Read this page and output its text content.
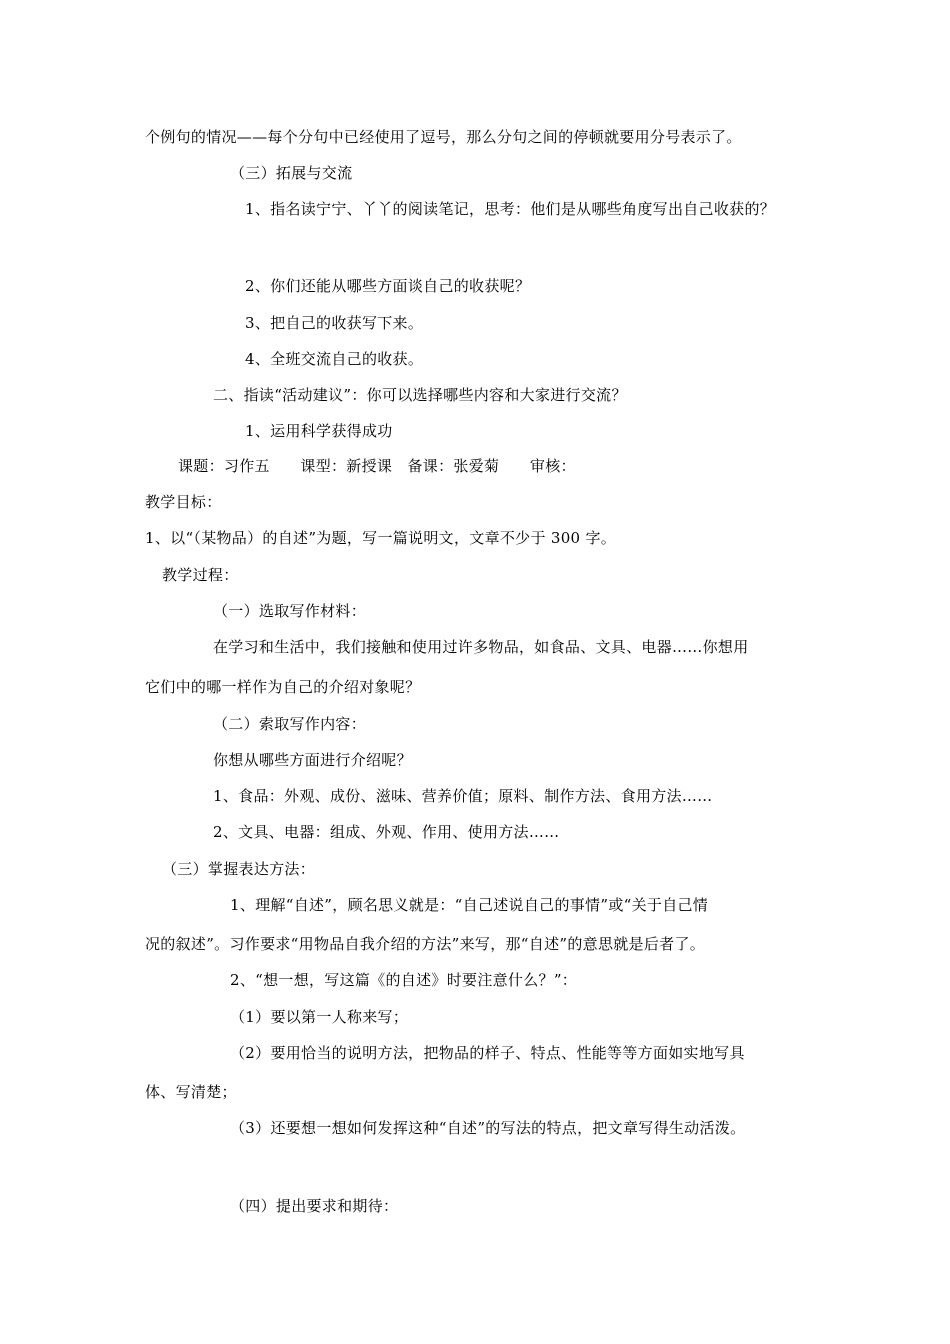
个例句的情况——每个分句中已经使用了逗号，那么分句之间的停顿就要用分号表示了。
（三）拓展与交流
1、指名读宁宁、丫丫的阅读笔记，思考：他们是从哪些角度写出自己收获的？
2、你们还能从哪些方面谈自己的收获呢？
3、把自己的收获写下来。
4、全班交流自己的收获。
二、指读“活动建议”：你可以选择哪些内容和大家进行交流？
1、运用科学获得成功
课题：习作五　　课型：新授课　备课：张爱菊　　审核：
教学目标：
1、以“（某物品）的自述”为题，写一篇说明文，文章不少于 300 字。
教学过程：
（一）选取写作材料：
在学习和生活中，我们接触和使用过许多物品，如食品、文具、电器……你想用
它们中的哪一样作为自己的介绍对象呢？
（二）索取写作内容：
你想从哪些方面进行介绍呢？
1、食品：外观、成份、滋味、营养价值；原料、制作方法、食用方法……
2、文具、电器：组成、外观、作用、使用方法……
（三）掌握表达方法：
1、理解“自述”，顾名思义就是：“自己述说自己的事情”或“关于自己情
况的叙述”。习作要求“用物品自我介绍的方法”来写，那“自述”的意思就是后者了。
2、“想一想，写这篇《的自述》时要注意什么？”：
（1）要以第一人称来写；
（2）要用恰当的说明方法，把物品的样子、特点、性能等等方面如实地写具
体、写清楚；
（3）还要想一想如何发挥这种“自述”的写法的特点，把文章写得生动活泼。
（四）提出要求和期待：
